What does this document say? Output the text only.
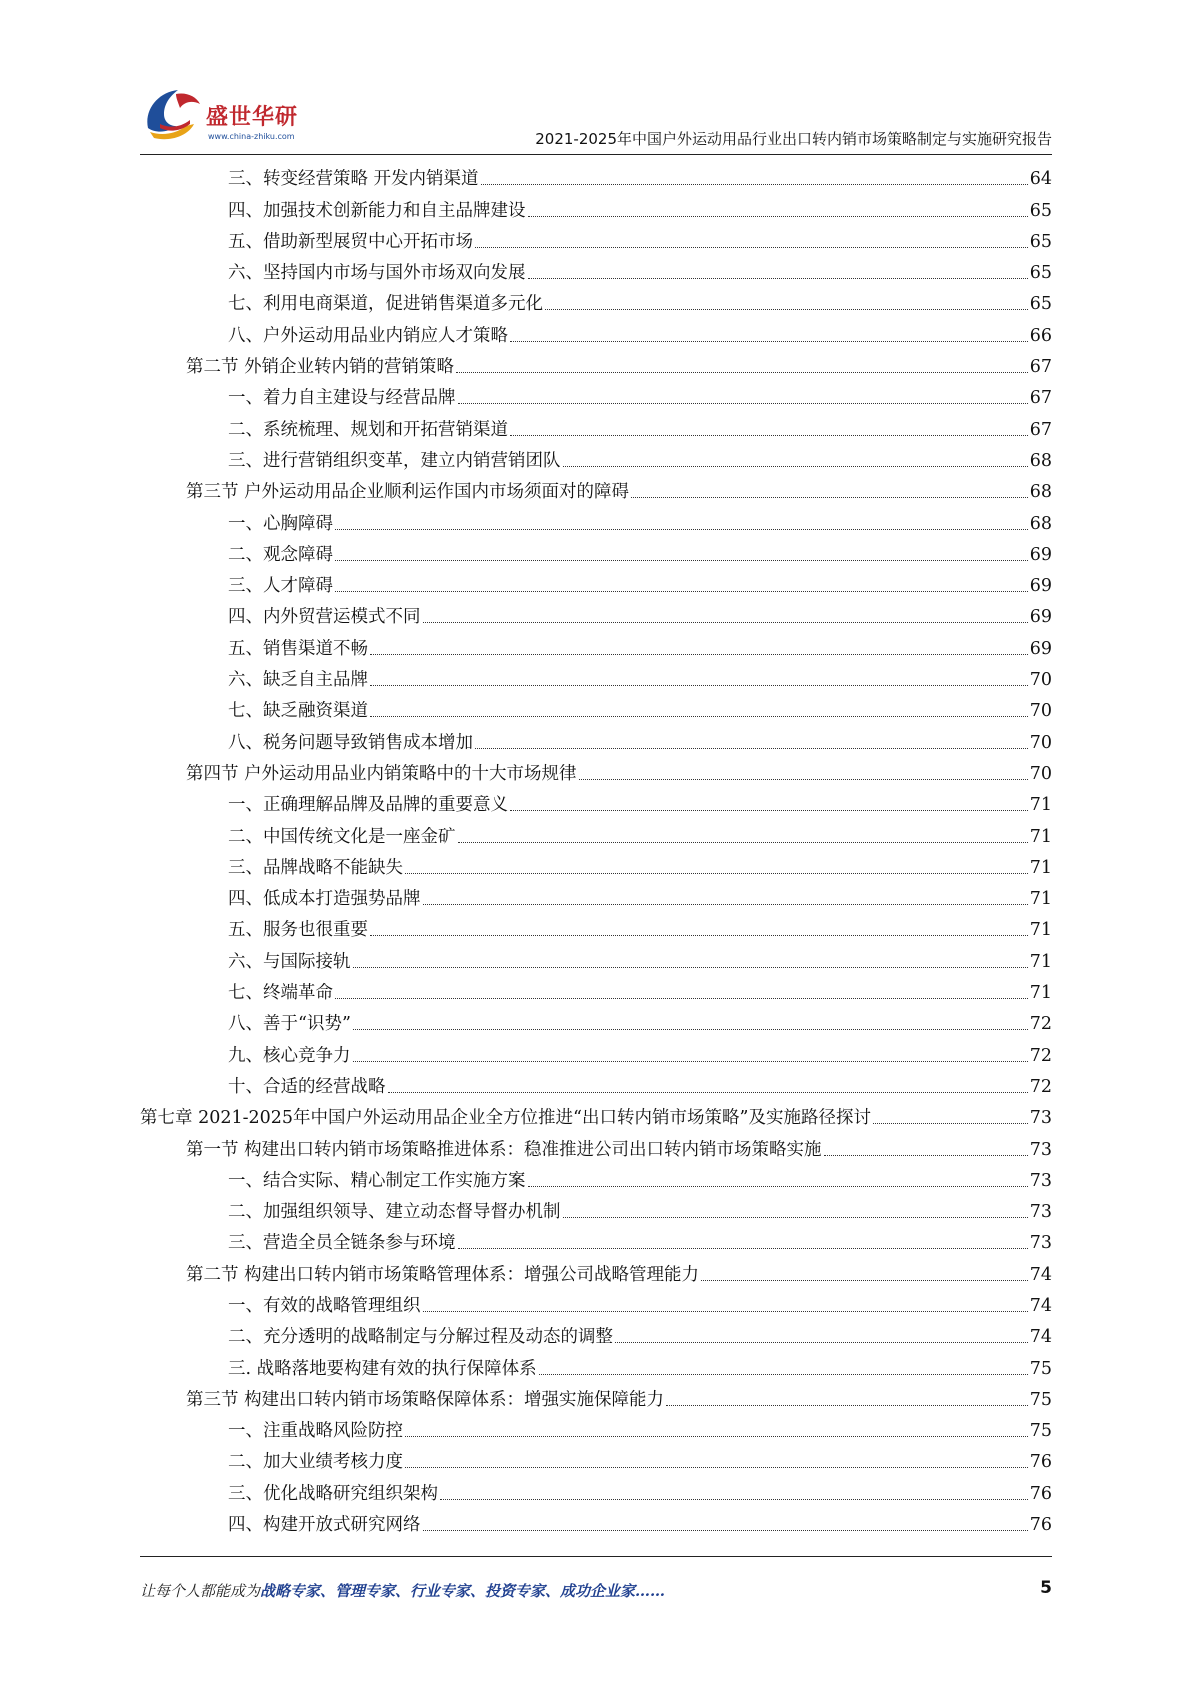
盛世华研
www.china-zhiku.com	2021-2025年中国户外运动用品行业出口转内销市场策略制定与实施研究报告
三、转变经营策略 开发内销渠道	64
四、加强技术创新能力和自主品牌建设	65
五、借助新型展贸中心开拓市场	65
六、坚持国内市场与国外市场双向发展	65
七、利用电商渠道，促进销售渠道多元化	65
八、户外运动用品业内销应人才策略	66
第二节 外销企业转内销的营销策略	67
一、着力自主建设与经营品牌	67
二、系统梳理、规划和开拓营销渠道	67
三、进行营销组织变革，建立内销营销团队	68
第三节 户外运动用品企业顺利运作国内市场须面对的障碍	68
一、心胸障碍	68
二、观念障碍	69
三、人才障碍	69
四、内外贸营运模式不同	69
五、销售渠道不畅	69
六、缺乏自主品牌	70
七、缺乏融资渠道	70
八、税务问题导致销售成本增加	70
第四节 户外运动用品业内销策略中的十大市场规律	70
一、正确理解品牌及品牌的重要意义	71
二、中国传统文化是一座金矿	71
三、品牌战略不能缺失	71
四、低成本打造强势品牌	71
五、服务也很重要	71
六、与国际接轨	71
七、终端革命	71
八、善于“识势”	72
九、核心竞争力	72
十、合适的经营战略	72
第七章 2021-2025年中国户外运动用品企业全方位推进“出口转内销市场策略”及实施路径探讨	73
第一节 构建出口转内销市场策略推进体系：稳准推进公司出口转内销市场策略实施	73
一、结合实际、精心制定工作实施方案	73
二、加强组织领导、建立动态督导督办机制	73
三、营造全员全链条参与环境	73
第二节 构建出口转内销市场策略管理体系：增强公司战略管理能力	74
一、有效的战略管理组织	74
二、充分透明的战略制定与分解过程及动态的调整	74
三. 战略落地要构建有效的执行保障体系	75
第三节 构建出口转内销市场策略保障体系：增强实施保障能力	75
一、注重战略风险防控	75
二、加大业绩考核力度	76
三、优化战略研究组织架构	76
四、构建开放式研究网络	76
让每个人都能成为战略专家、管理专家、行业专家、投资专家、成功企业家……	5
